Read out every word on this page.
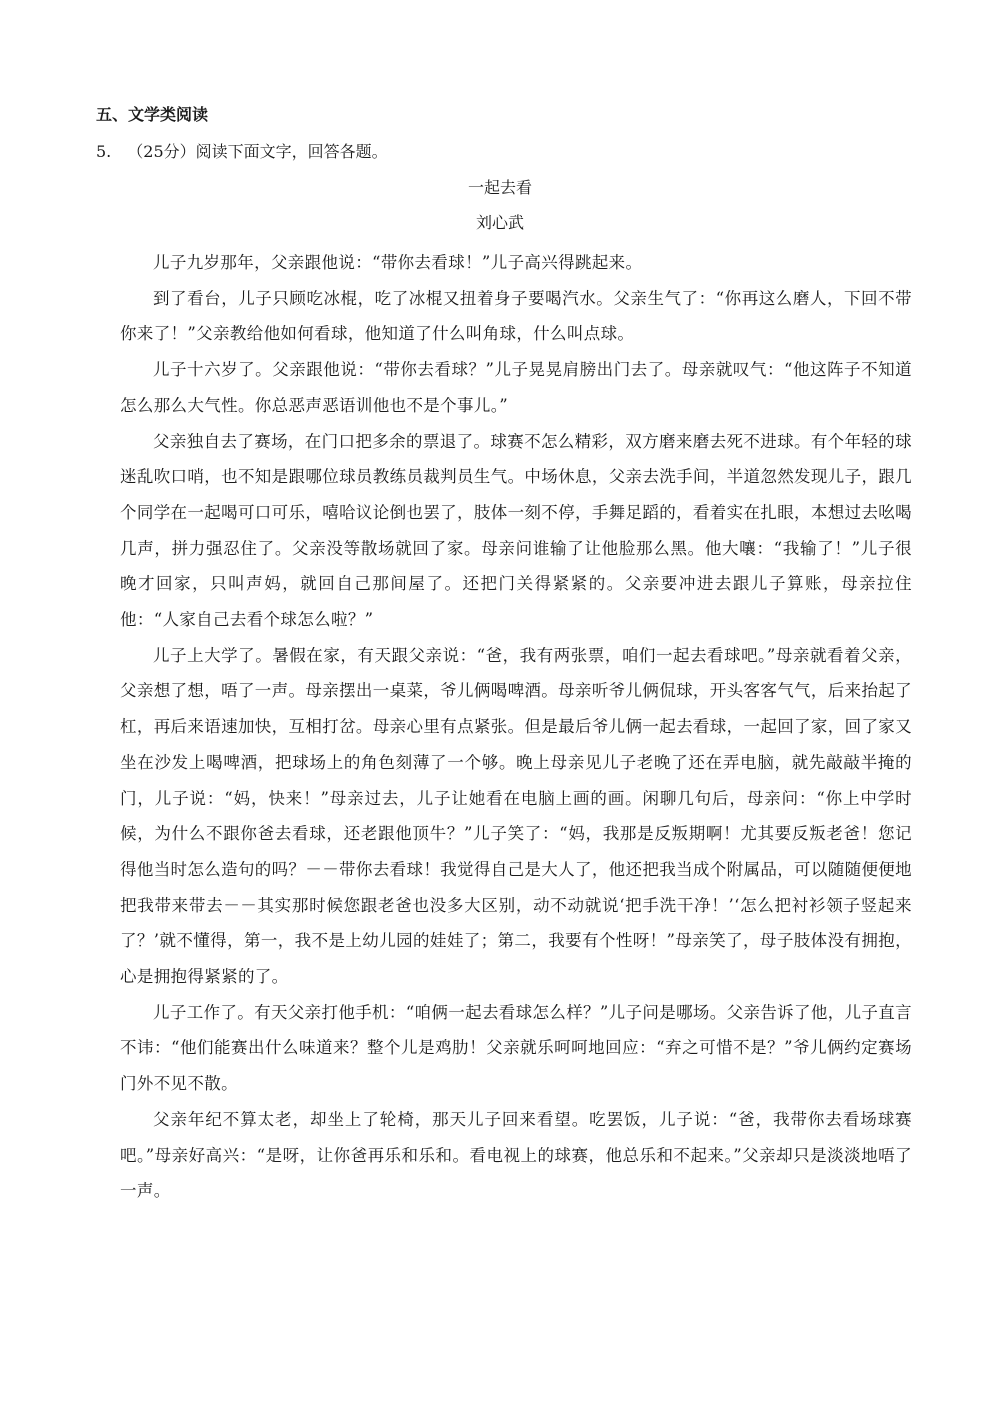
五、文学类阅读

5. （25分）阅读下面文字，回答各题。

一起去看

刘心武

儿子九岁那年，父亲跟他说：“带你去看球！”儿子高兴得跳起来。

到了看台，儿子只顾吃冰棍，吃了冰棍又扭着身子要喝汽水。父亲生气了：“你再这么磨人，下回不带你来了！”父亲教给他如何看球，他知道了什么叫角球，什么叫点球。

儿子十六岁了。父亲跟他说：“带你去看球？”儿子晃晃肩膀出门去了。母亲就叹气：“他这阵子不知道怎么那么大气性。你总恶声恶语训他也不是个事儿。”

父亲独自去了赛场，在门口把多余的票退了。球赛不怎么精彩，双方磨来磨去死不进球。有个年轻的球迷乱吹口哨，也不知是跟哪位球员教练员裁判员生气。中场休息，父亲去洗手间，半道忽然发现儿子，跟几个同学在一起喝可口可乐，嘻哈议论倒也罢了，肢体一刻不停，手舞足蹈的，看着实在扎眼，本想过去吆喝几声，拼力强忍住了。父亲没等散场就回了家。母亲问谁输了让他脸那么黑。他大嚷：“我输了！”儿子很晚才回家，只叫声妈，就回自己那间屋了。还把门关得紧紧的。父亲要冲进去跟儿子算账，母亲拉住他：“人家自己去看个球怎么啦？”

儿子上大学了。暑假在家，有天跟父亲说：“爸，我有两张票，咱们一起去看球吧。”母亲就看着父亲，父亲想了想，唔了一声。母亲摆出一桌菜，爷儿俩喝啤酒。母亲听爷儿俩侃球，开头客客气气，后来抬起了杠，再后来语速加快，互相打岔。母亲心里有点紧张。但是最后爷儿俩一起去看球，一起回了家，回了家又坐在沙发上喝啤酒，把球场上的角色刻薄了一个够。晚上母亲见儿子老晚了还在弄电脑，就先敲敲半掩的门，儿子说：“妈，快来！”母亲过去，儿子让她看在电脑上画的画。闲聊几句后，母亲问：“你上中学时候，为什么不跟你爸去看球，还老跟他顶牛？”儿子笑了：“妈，我那是反叛期啊！尤其要反叛老爸！您记得他当时怎么造句的吗？－－带你去看球！我觉得自己是大人了，他还把我当成个附属品，可以随随便便地把我带来带去－－其实那时候您跟老爸也没多大区别，动不动就说‘把手洗干净！’‘怎么把衬衫领子竖起来了？’就不懂得，第一，我不是上幼儿园的娃娃了；第二，我要有个性呀！”母亲笑了，母子肢体没有拥抱，心是拥抱得紧紧的了。

儿子工作了。有天父亲打他手机：“咱俩一起去看球怎么样？”儿子问是哪场。父亲告诉了他，儿子直言不讳：“他们能赛出什么味道来？整个儿是鸡肋！父亲就乐呵呵地回应：“弃之可惜不是？”爷儿俩约定赛场门外不见不散。

父亲年纪不算太老，却坐上了轮椅，那天儿子回来看望。吃罢饭，儿子说：“爸，我带你去看场球赛吧。”母亲好高兴：“是呀，让你爸再乐和乐和。看电视上的球赛，他总乐和不起来。”父亲却只是淡淡地唔了一声。
